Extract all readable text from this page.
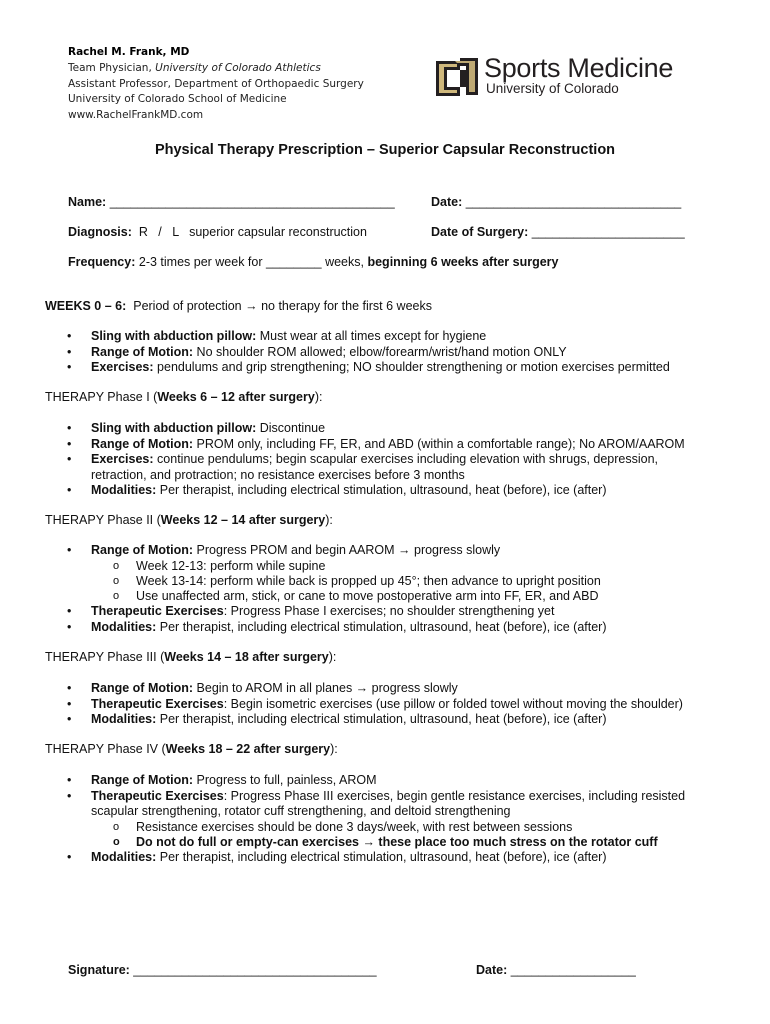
Rachel M. Frank, MD
Team Physician, University of Colorado Athletics
Assistant Professor, Department of Orthopaedic Surgery
University of Colorado School of Medicine
www.RachelFrankMD.com
Sports Medicine
University of Colorado
Physical Therapy Prescription – Superior Capsular Reconstruction
Name: _________________________________________	Date: _______________________________
Diagnosis:  R   /   L   superior capsular reconstruction	Date of Surgery: ______________________
Frequency: 2-3 times per week for ________ weeks, beginning 6 weeks after surgery
WEEKS 0 – 6:  Period of protection → no therapy for the first 6 weeks
• Sling with abduction pillow: Must wear at all times except for hygiene
• Range of Motion: No shoulder ROM allowed; elbow/forearm/wrist/hand motion ONLY
• Exercises: pendulums and grip strengthening; NO shoulder strengthening or motion exercises permitted
THERAPY Phase I (Weeks 6 – 12 after surgery):
• Sling with abduction pillow: Discontinue
• Range of Motion: PROM only, including FF, ER, and ABD (within a comfortable range); No AROM/AAROM
• Exercises: continue pendulums; begin scapular exercises including elevation with shrugs, depression, retraction, and protraction; no resistance exercises before 3 months
• Modalities: Per therapist, including electrical stimulation, ultrasound, heat (before), ice (after)
THERAPY Phase II (Weeks 12 – 14 after surgery):
• Range of Motion: Progress PROM and begin AAROM → progress slowly
o Week 12-13: perform while supine
o Week 13-14: perform while back is propped up 45°; then advance to upright position
o Use unaffected arm, stick, or cane to move postoperative arm into FF, ER, and ABD
• Therapeutic Exercises: Progress Phase I exercises; no shoulder strengthening yet
• Modalities: Per therapist, including electrical stimulation, ultrasound, heat (before), ice (after)
THERAPY Phase III (Weeks 14 – 18 after surgery):
• Range of Motion: Begin to AROM in all planes → progress slowly
• Therapeutic Exercises: Begin isometric exercises (use pillow or folded towel without moving the shoulder)
• Modalities: Per therapist, including electrical stimulation, ultrasound, heat (before), ice (after)
THERAPY Phase IV (Weeks 18 – 22 after surgery):
• Range of Motion: Progress to full, painless, AROM
• Therapeutic Exercises: Progress Phase III exercises, begin gentle resistance exercises, including resisted scapular strengthening, rotator cuff strengthening, and deltoid strengthening
o Resistance exercises should be done 3 days/week, with rest between sessions
o Do not do full or empty-can exercises → these place too much stress on the rotator cuff
• Modalities: Per therapist, including electrical stimulation, ultrasound, heat (before), ice (after)
Signature: ___________________________________	Date: __________________
